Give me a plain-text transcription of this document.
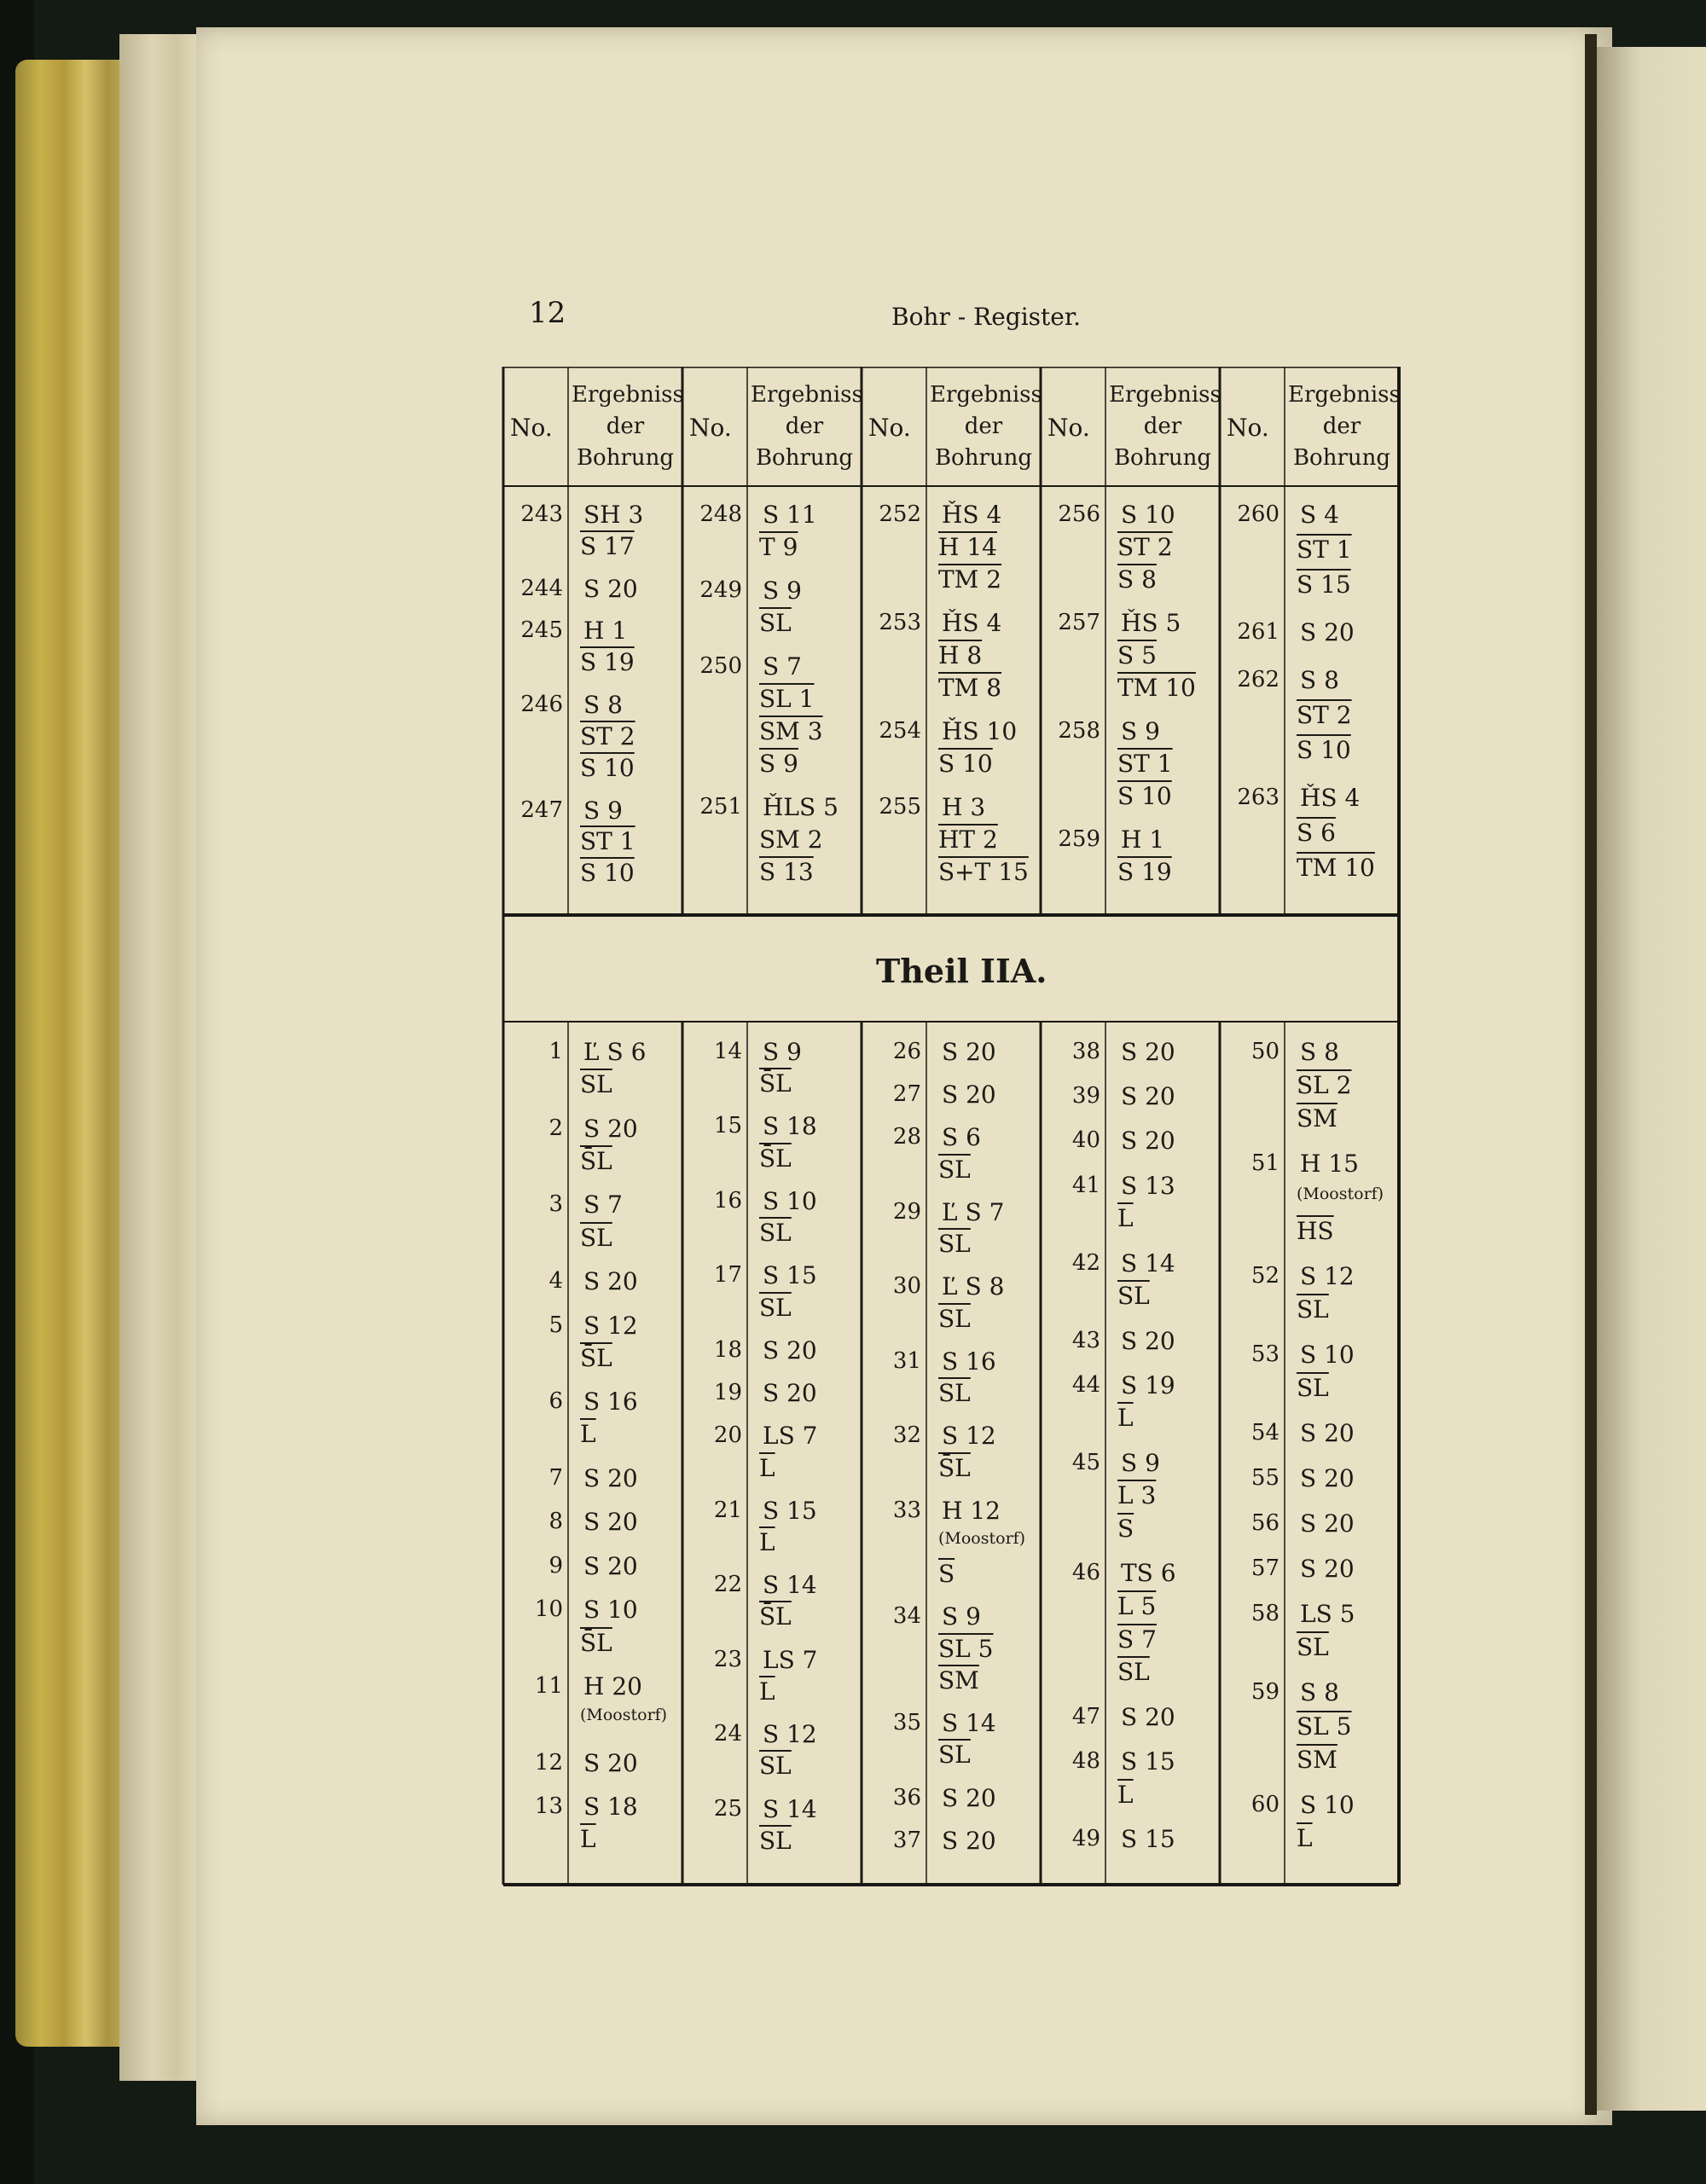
12	Bohr - Register.
Theil IIA.
No.
Ergebniss
der
Bohrung
No.
Ergebniss
der
Bohrung
No.
Ergebniss
der
Bohrung
No.
Ergebniss
der
Bohrung
No.
Ergebniss
der
Bohrung
243 SH 3
S 17
244 S 20
245 H 1
S 19
246 S 8
ST 2
S 10
247 S 9
ST 1
S 10
248 S 11
T 9
249 S 9
$\overline{SL}$
250 S 7
SL 1
SM 3
S 9
251 ȞLS 5
SM 2
S 13
252 ȞS 4
H 14
TM 2
253 ȞS 4
H 8
TM 8
254 ȞS 10
S 10
255 H 3
HT 2
S+T 15
256 S 10
ST 2
S 8
257 ȞS 5
S 5
TM 10
258 S 9
ST 1
S 10
259 H 1
S 19
260 S 4
ST 1
S 15
261 S 20
262 S 8
ST 2
S 10
263 ȞS 4
S 6
TM 10
1 Ľ S 6
$\overline{SL}$
2 S 20
S̄L
3 S 7
$\overline{SL}$
4 S 20
5 S 12
S̄L
6 S 16
$\overline{L}$
7 S 20
8 S 20
9 S 20
10 S 10
S̄L
11 H 20
(Moostorf)
12 S 20
13 S 18
$\overline{L}$
14 S 9
S̄L
15 S 18
S̄L
16 S 10
$\overline{SL}$
17 S 15
$\overline{SL}$
18 S 20
19 S 20
20 LS 7
$\overline{L}$
21 S 15
$\overline{L}$
22 S 14
S̄L
23 LS 7
$\overline{L}$
24 S 12
$\overline{SL}$
25 S 14
$\overline{SL}$
26 S 20
27 S 20
28 S 6
$\overline{SL}$
29 Ľ S 7
$\overline{SL}$
30 Ľ S 8
$\overline{SL}$
31 S 16
$\overline{SL}$
32 S 12
S̄L
33 H 12
(Moostorf)
$\overline{S}$
34 S 9
SL 5
$\overline{SM}$
35 S 14
$\overline{SL}$
36 S 20
37 S 20
38 S 20
39 S 20
40 S 20
41 S 13
$\overline{L}$
42 S 14
$\overline{SL}$
43 S 20
44 S 19
$\overline{L}$
45 S 9
L 3
$\overline{S}$
46 TS 6
L 5
S 7
$\overline{SL}$
47 S 20
48 S 15
$\overline{L}$
49 S 15
50 S 8
SL 2
$\overline{SM}$
51 H 15
(Moostorf)
$\overline{HS}$
52 S 12
$\overline{SL}$
53 S 10
$\overline{SL}$
54 S 20
55 S 20
56 S 20
57 S 20
58 LS 5
$\overline{SL}$
59 S 8
SL 5
$\overline{SM}$
60 S 10
$\overline{L}$
